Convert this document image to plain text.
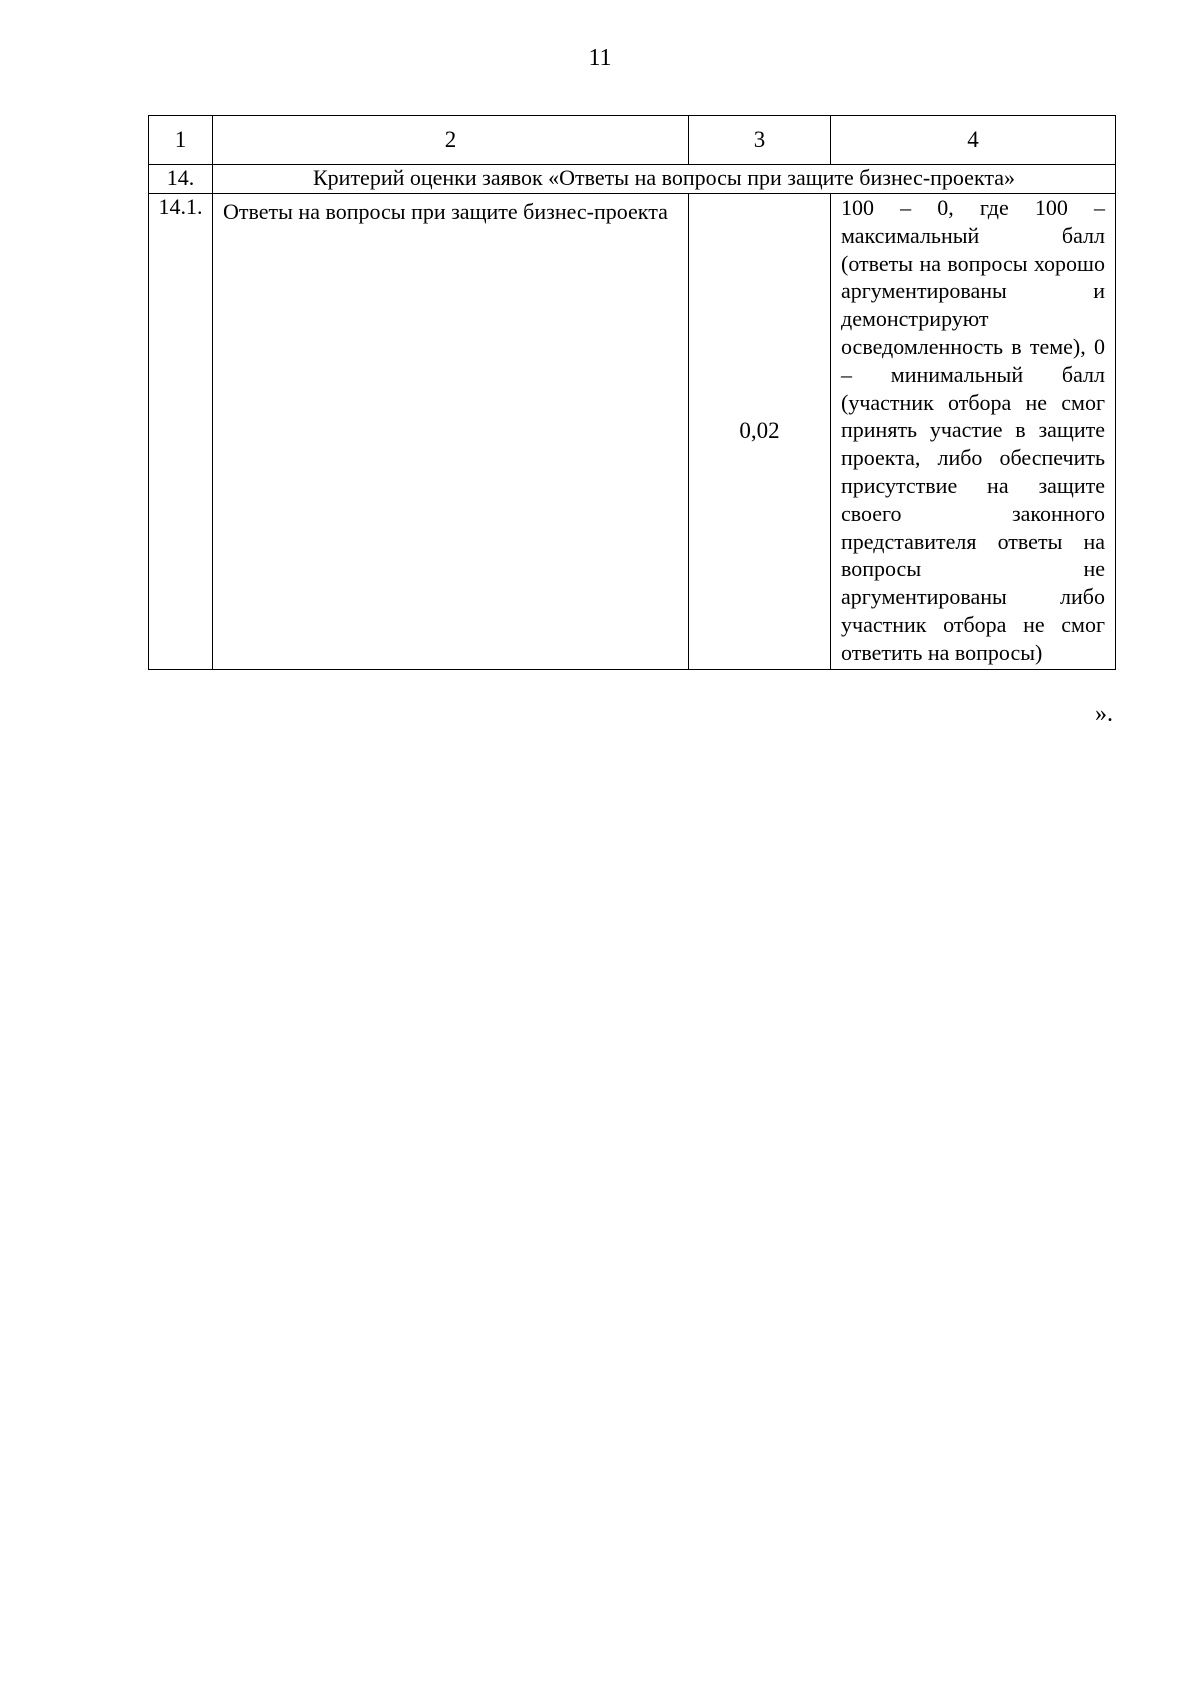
11
1	2	3	4
14.	Критерий оценки заявок «Ответы на вопросы при защите бизнес-проекта»		
14.1.	Ответы на вопросы при защите бизнес-проекта	0,02	100 – 0, где 100 – максимальный балл (ответы на вопросы хорошо аргументированы и демонстрируют осведомленность в теме), 0 – минимальный балл (участник отбора не смог принять участие в защите проекта, либо обеспечить присутствие на защите своего законного представителя ответы на вопросы не аргументированы либо участник отбора не смог ответить на вопросы)
».
